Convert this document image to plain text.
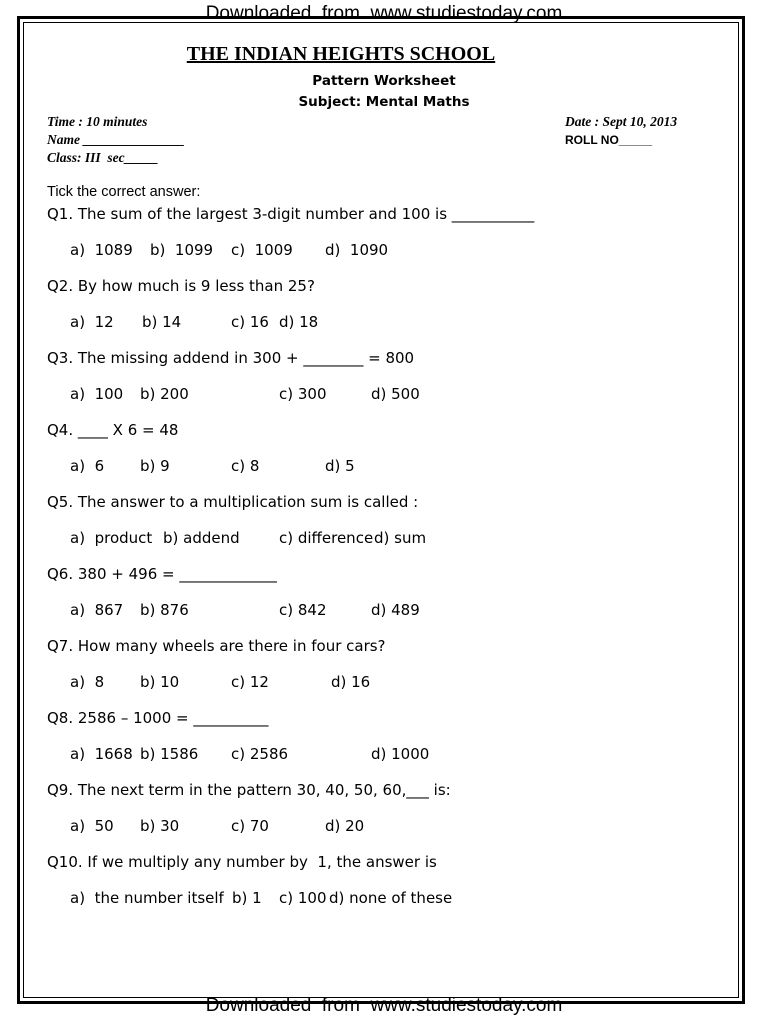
Downloaded  from  www.studiestoday.com
THE INDIAN HEIGHTS SCHOOL
Pattern Worksheet
Subject: Mental Maths
Time : 10 minutes
Name _______________
Class: III  sec_____
Date : Sept 10, 2013
ROLL NO_____
Tick the correct answer:
Q1. The sum of the largest 3-digit number and 100 is ___________
a)  1089 b)  1099 c)  1009 d)  1090
Q2. By how much is 9 less than 25?
a)  12 b) 14	c) 16 d) 18
Q3. The missing addend in 300 + ________ = 800
a)  100 b) 200	c) 300	d) 500
Q4. ____ X 6 = 48
a)  6 b) 9	c) 8	d) 5
Q5. The answer to a multiplication sum is called :
a)  product b) addend	c) difference d) sum
Q6. 380 + 496 = _____________
a)  867 b) 876	c) 842	d) 489
Q7. How many wheels are there in four cars?
a)  8 b) 10	c) 12	d) 16
Q8. 2586 – 1000 = __________
a)  1668 b) 1586 c) 2586	d) 1000
Q9. The next term in the pattern 30, 40, 50, 60,___ is:
a)  50 b) 30	c) 70	d) 20
Q10. If we multiply any number by  1, the answer is
a)  the number itself b) 1 c) 100 d) none of these
Downloaded  from  www.studiestoday.com
